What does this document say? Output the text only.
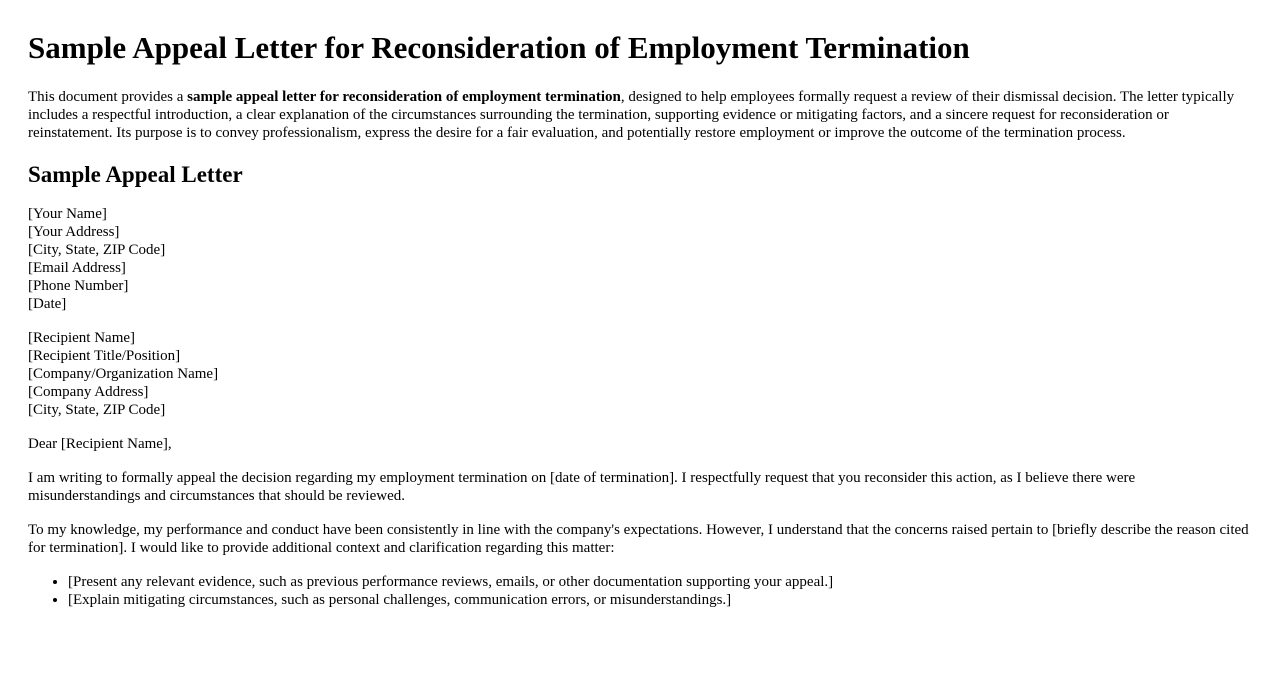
Sample Appeal Letter for Reconsideration of Employment Termination

This document provides a sample appeal letter for reconsideration of employment termination, designed to help employees formally request a review of their dismissal decision. The letter typically includes a respectful introduction, a clear explanation of the circumstances surrounding the termination, supporting evidence or mitigating factors, and a sincere request for reconsideration or reinstatement. Its purpose is to convey professionalism, express the desire for a fair evaluation, and potentially restore employment or improve the outcome of the termination process.

Sample Appeal Letter
[Your Name]
[Your Address]
[City, State, ZIP Code]
[Email Address]
[Phone Number]
[Date]
[Recipient Name]
[Recipient Title/Position]
[Company/Organization Name]
[Company Address]
[City, State, ZIP Code]

Dear [Recipient Name],

I am writing to formally appeal the decision regarding my employment termination on [date of termination]. I respectfully request that you reconsider this action, as I believe there were misunderstandings and circumstances that should be reviewed.

To my knowledge, my performance and conduct have been consistently in line with the company's expectations. However, I understand that the concerns raised pertain to [briefly describe the reason cited for termination]. I would like to provide additional context and clarification regarding this matter:

• [Present any relevant evidence, such as previous performance reviews, emails, or other documentation supporting your appeal.]
• [Explain mitigating circumstances, such as personal challenges, communication errors, or misunderstandings.]
